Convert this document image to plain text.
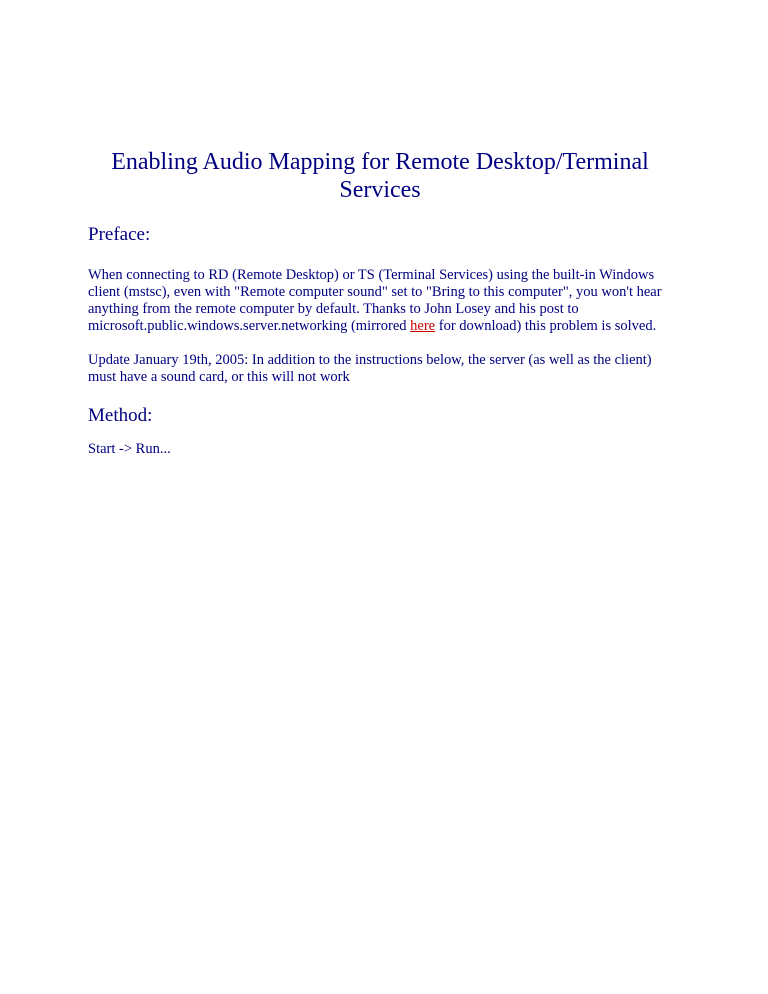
Enabling Audio Mapping for Remote Desktop/Terminal Services
Preface:

When connecting to RD (Remote Desktop) or TS (Terminal Services) using the built-in Windows client (mstsc), even with "Remote computer sound" set to "Bring to this computer", you won't hear anything from the remote computer by default. Thanks to John Losey and his post to microsoft.public.windows.server.networking (mirrored here for download) this problem is solved.

Update January 19th, 2005: In addition to the instructions below, the server (as well as the client) must have a sound card, or this will not work

Method:

Start -> Run...
